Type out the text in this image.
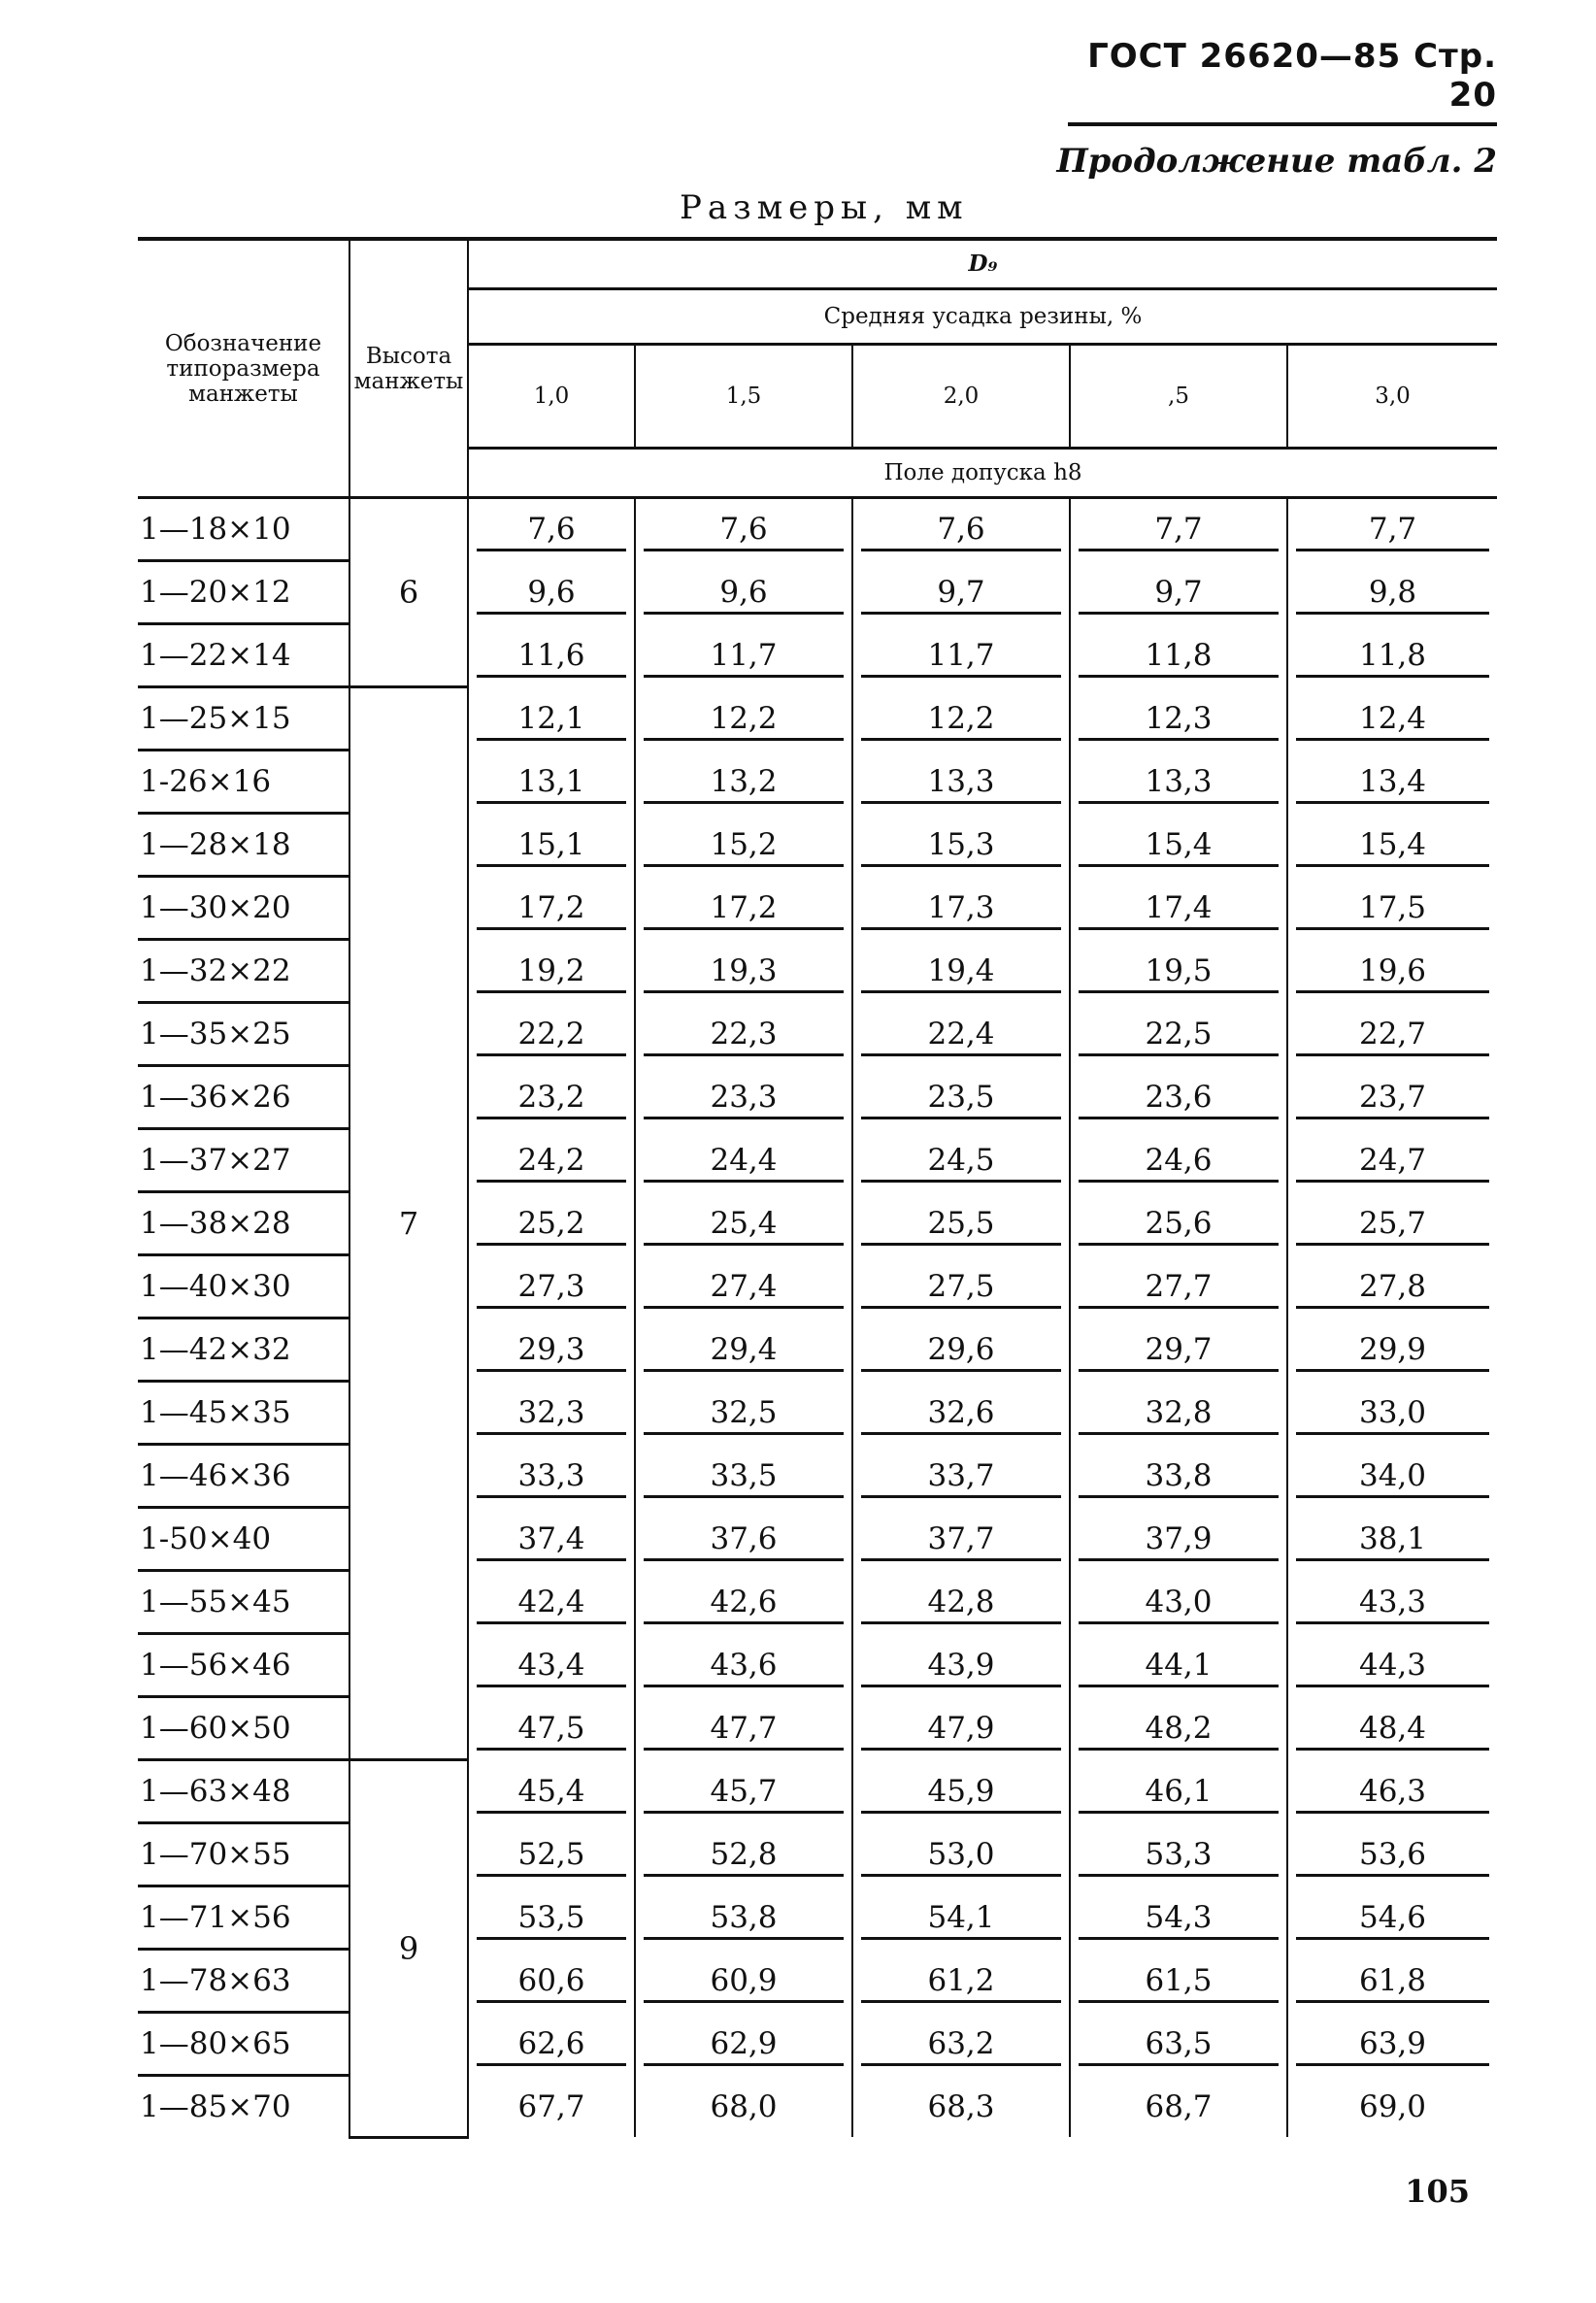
ГОСТ 26620—85 Стр. 20
Продолжение табл. 2
Размеры, мм
Обозначение типоразмера манжеты	Высота манжеты	D₉				
		Средняя усадка резины, %				
		1,0	1,5	2,0	,5	3,0
		Поле допуска h8				
1—18×10	6	7,6	7,6	7,6	7,7	7,7

1—20×12		9,6	9,6	9,7	9,7	9,8

1—22×14		11,6	11,7	11,7	11,8	11,8

1—25×15	7	12,1	12,2	12,2	12,3	12,4

1-26×16		13,1	13,2	13,3	13,3	13,4

1—28×18		15,1	15,2	15,3	15,4	15,4

1—30×20		17,2	17,2	17,3	17,4	17,5

1—32×22		19,2	19,3	19,4	19,5	19,6

1—35×25		22,2	22,3	22,4	22,5	22,7

1—36×26		23,2	23,3	23,5	23,6	23,7

1—37×27		24,2	24,4	24,5	24,6	24,7

1—38×28		25,2	25,4	25,5	25,6	25,7

1—40×30		27,3	27,4	27,5	27,7	27,8

1—42×32		29,3	29,4	29,6	29,7	29,9

1—45×35		32,3	32,5	32,6	32,8	33,0

1—46×36		33,3	33,5	33,7	33,8	34,0

1-50×40		37,4	37,6	37,7	37,9	38,1

1—55×45		42,4	42,6	42,8	43,0	43,3

1—56×46		43,4	43,6	43,9	44,1	44,3

1—60×50		47,5	47,7	47,9	48,2	48,4

1—63×48	9	45,4	45,7	45,9	46,1	46,3

1—70×55		52,5	52,8	53,0	53,3	53,6

1—71×56		53,5	53,8	54,1	54,3	54,6

1—78×63		60,6	60,9	61,2	61,5	61,8

1—80×65		62,6	62,9	63,2	63,5	63,9

1—85×70		67,7	68,0	68,3	68,7	69,0
105
